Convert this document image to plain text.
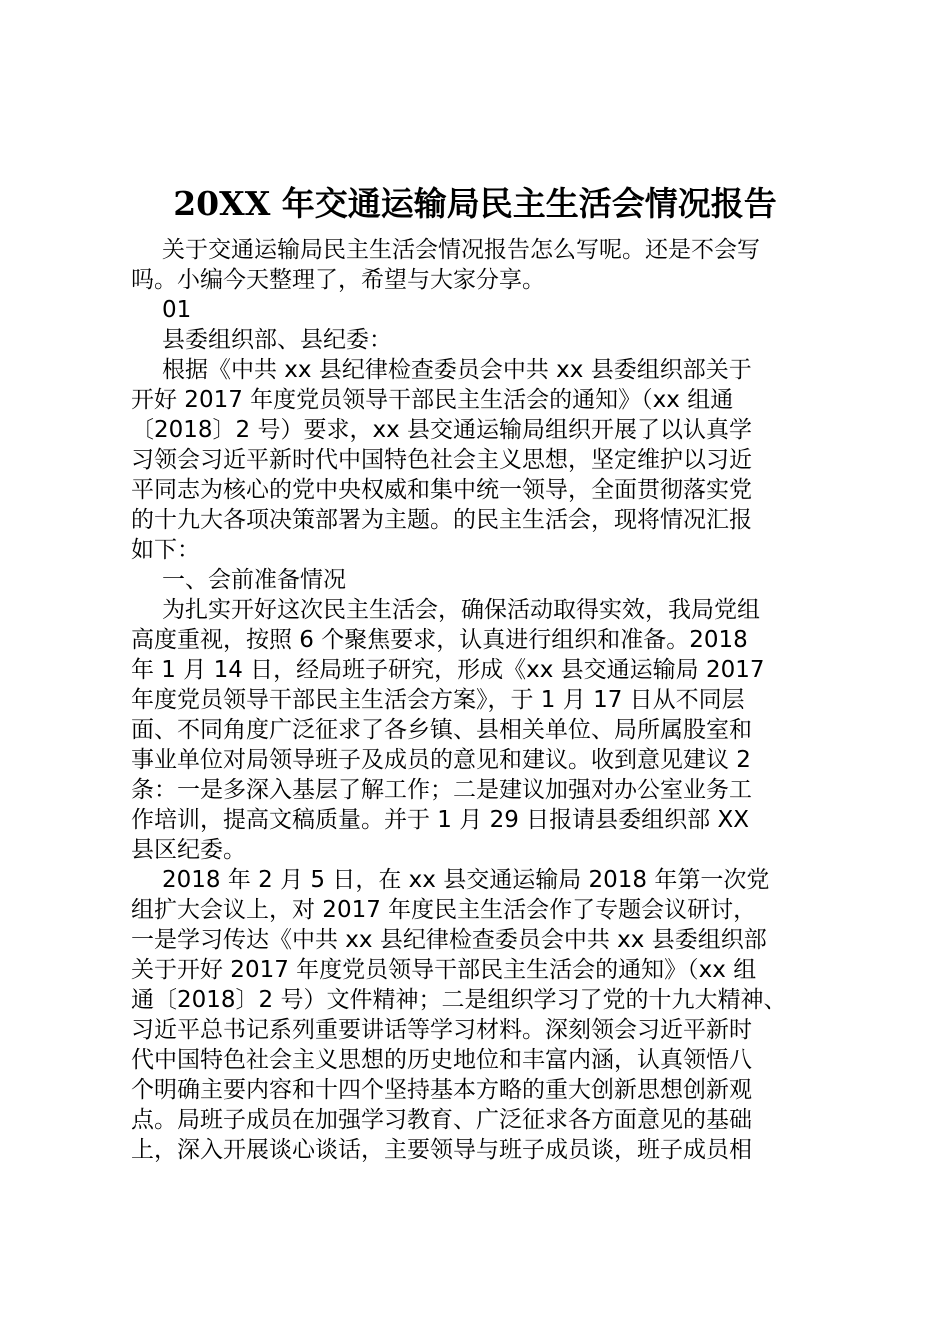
20XX 年交通运输局民主生活会情况报告
关于交通运输局民主生活会情况报告怎么写呢。还是不会写
吗。小编今天整理了，希望与大家分享。
01
县委组织部、县纪委：
根据《中共 xx 县纪律检查委员会中共 xx 县委组织部关于
开好 2017 年度党员领导干部民主生活会的通知》（xx 组通
〔2018〕2 号）要求，xx 县交通运输局组织开展了以认真学
习领会习近平新时代中国特色社会主义思想，坚定维护以习近
平同志为核心的党中央权威和集中统一领导，全面贯彻落实党
的十九大各项决策部署为主题。的民主生活会，现将情况汇报
如下：
一、会前准备情况
为扎实开好这次民主生活会，确保活动取得实效，我局党组
高度重视，按照 6 个聚焦要求，认真进行组织和准备。2018
年 1 月 14 日，经局班子研究，形成《xx 县交通运输局 2017
年度党员领导干部民主生活会方案》，于 1 月 17 日从不同层
面、不同角度广泛征求了各乡镇、县相关单位、局所属股室和
事业单位对局领导班子及成员的意见和建议。收到意见建议 2
条：一是多深入基层了解工作；二是建议加强对办公室业务工
作培训，提高文稿质量。并于 1 月 29 日报请县委组织部 XX
县区纪委。
2018 年 2 月 5 日，在 xx 县交通运输局 2018 年第一次党
组扩大会议上，对 2017 年度民主生活会作了专题会议研讨，
一是学习传达《中共 xx 县纪律检查委员会中共 xx 县委组织部
关于开好 2017 年度党员领导干部民主生活会的通知》（xx 组
通〔2018〕2 号）文件精神；二是组织学习了党的十九大精神、
习近平总书记系列重要讲话等学习材料。深刻领会习近平新时
代中国特色社会主义思想的历史地位和丰富内涵，认真领悟八
个明确主要内容和十四个坚持基本方略的重大创新思想创新观
点。局班子成员在加强学习教育、广泛征求各方面意见的基础
上，深入开展谈心谈话，主要领导与班子成员谈，班子成员相
